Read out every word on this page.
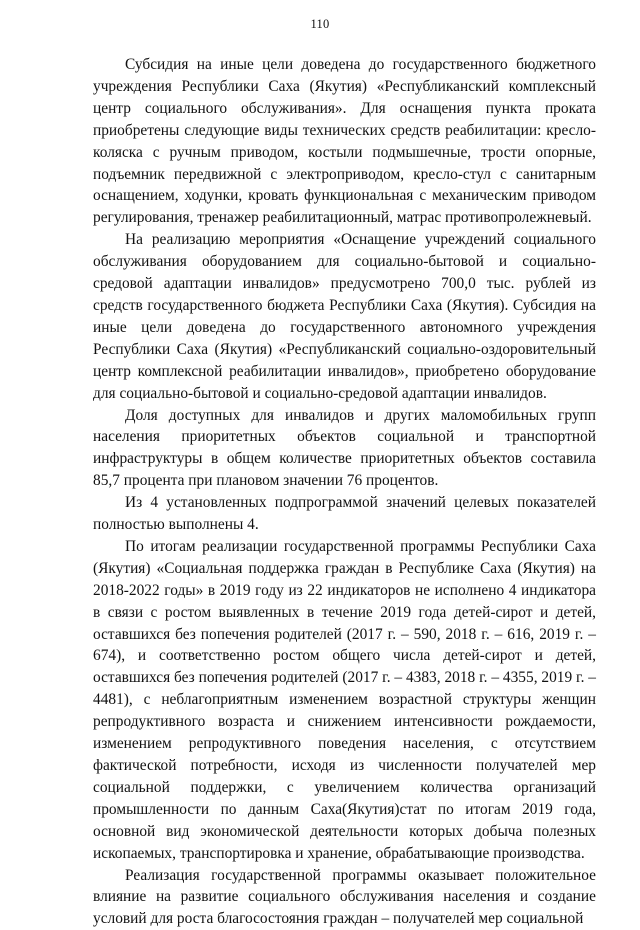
110

Субсидия на иные цели доведена до государственного бюджетного учреждения Республики Саха (Якутия) «Республиканский комплексный центр социального обслуживания». Для оснащения пункта проката приобретены следующие виды технических средств реабилитации: кресло-коляска с ручным приводом, костыли подмышечные, трости опорные, подъемник передвижной с электроприводом, кресло-стул с санитарным оснащением, ходунки, кровать функциональная с механическим приводом регулирования, тренажер реабилитационный, матрас противопролежневый.

На реализацию мероприятия «Оснащение учреждений социального обслуживания оборудованием для социально-бытовой и социально-средовой адаптации инвалидов» предусмотрено 700,0 тыс. рублей из средств государственного бюджета Республики Саха (Якутия). Субсидия на иные цели доведена до государственного автономного учреждения Республики Саха (Якутия) «Республиканский социально-оздоровительный центр комплексной реабилитации инвалидов», приобретено оборудование для социально-бытовой и социально-средовой адаптации инвалидов.

Доля доступных для инвалидов и других маломобильных групп населения приоритетных объектов социальной и транспортной инфраструктуры в общем количестве приоритетных объектов составила 85,7 процента при плановом значении 76 процентов.

Из 4 установленных подпрограммой значений целевых показателей полностью выполнены 4.

По итогам реализации государственной программы Республики Саха (Якутия) «Социальная поддержка граждан в Республике Саха (Якутия) на 2018-2022 годы» в 2019 году из 22 индикаторов не исполнено 4 индикатора в связи с ростом выявленных в течение 2019 года детей-сирот и детей, оставшихся без попечения родителей (2017 г. – 590, 2018 г. – 616, 2019 г. – 674), и соответственно ростом общего числа детей-сирот и детей, оставшихся без попечения родителей (2017 г. – 4383, 2018 г. – 4355, 2019 г. – 4481), с неблагоприятным изменением возрастной структуры женщин репродуктивного возраста и снижением интенсивности рождаемости, изменением репродуктивного поведения населения, с отсутствием фактической потребности, исходя из численности получателей мер социальной поддержки, с увеличением количества организаций промышленности по данным Саха(Якутия)стат по итогам 2019 года, основной вид экономической деятельности которых добыча полезных ископаемых, транспортировка и хранение, обрабатывающие производства.

Реализация государственной программы оказывает положительное влияние на развитие социального обслуживания населения и создание условий для роста благосостояния граждан – получателей мер социальной
